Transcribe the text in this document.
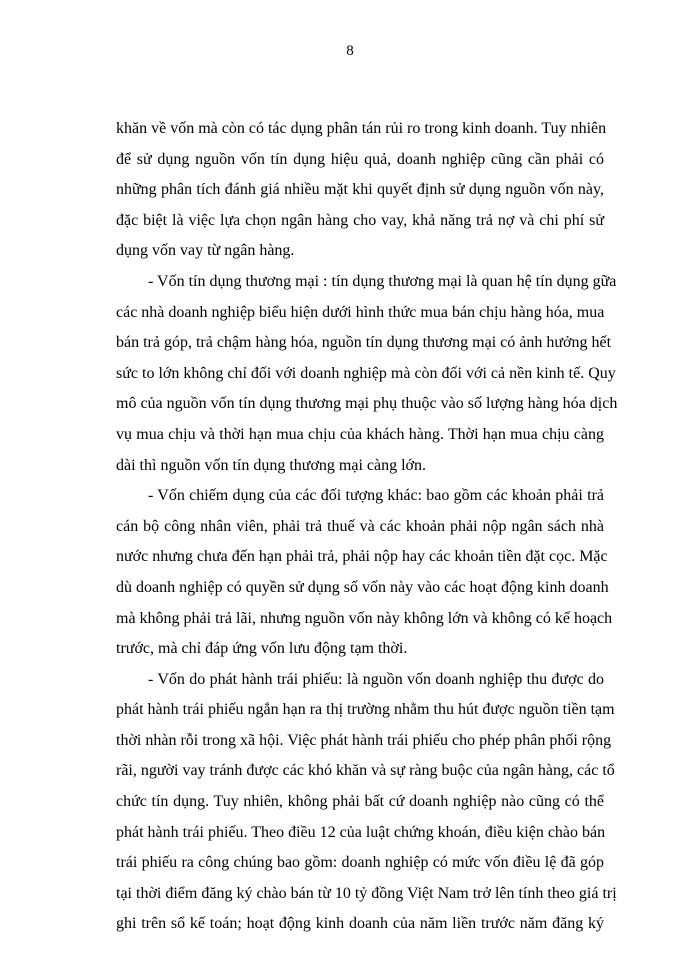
8

khăn về vốn mà còn có tác dụng phân tán rủi ro trong kinh doanh. Tuy nhiên
để sử dụng nguồn vốn tín dụng hiệu quả, doanh nghiệp cũng cần phải có
những phân tích đánh giá nhiều mặt khi quyết định sử dụng nguồn vốn này,
đặc biệt là việc lựa chọn ngân hàng cho vay, khả năng trả nợ và chi phí sử
dụng vốn vay từ ngân hàng.

- Vốn tín dụng thương mại : tín dụng thương mại là quan hệ tín dụng gữa
các nhà doanh nghiệp biểu hiện dưới hình thức mua bán chịu hàng hóa, mua
bán trả góp, trả chậm hàng hóa, nguồn tín dụng thương mại có ảnh hưởng hết
sức to lớn không chỉ đối với doanh nghiệp mà còn đối với cả nền kinh tế. Quy
mô của nguồn vốn tín dụng thương mại phụ thuộc vào số lượng hàng hóa dịch
vụ mua chịu và thời hạn mua chịu của khách hàng. Thời hạn mua chịu càng
dài thì nguồn vốn tín dụng thương mại càng lớn.

- Vốn chiếm dụng của các đối tượng khác: bao gồm các khoản phải trả
cán bộ công nhân viên, phải trả thuế và các khoản phải nộp ngân sách nhà
nước nhưng chưa đến hạn phải trả, phải nộp hay các khoản tiền đặt cọc. Mặc
dù doanh nghiệp có quyền sử dụng số vốn này vào các hoạt động kinh doanh
mà không phải trả lãi, nhưng nguồn vốn này không lớn và không có kế hoạch
trước, mà chỉ đáp ứng vốn lưu động tạm thời.

- Vốn do phát hành trái phiếu: là nguồn vốn doanh nghiệp thu được do
phát hành trái phiếu ngắn hạn ra thị trường nhằm thu hút được nguồn tiền tạm
thời nhàn rỗi trong xã hội. Việc phát hành trái phiếu cho phép phân phối rộng
rãi, người vay tránh được các khó khăn và sự ràng buộc của ngân hàng, các tổ
chức tín dụng. Tuy nhiên, không phải bất cứ doanh nghiệp nào cũng có thể
phát hành trái phiếu. Theo điều 12 của luật chứng khoán, điều kiện chào bán
trái phiếu ra công chúng bao gồm: doanh nghiệp có mức vốn điều lệ đã góp
tại thời điểm đăng ký chào bán từ 10 tỷ đồng Việt Nam trở lên tính theo giá trị
ghi trên sổ kế toán; hoạt động kinh doanh của năm liền trước năm đăng ký
